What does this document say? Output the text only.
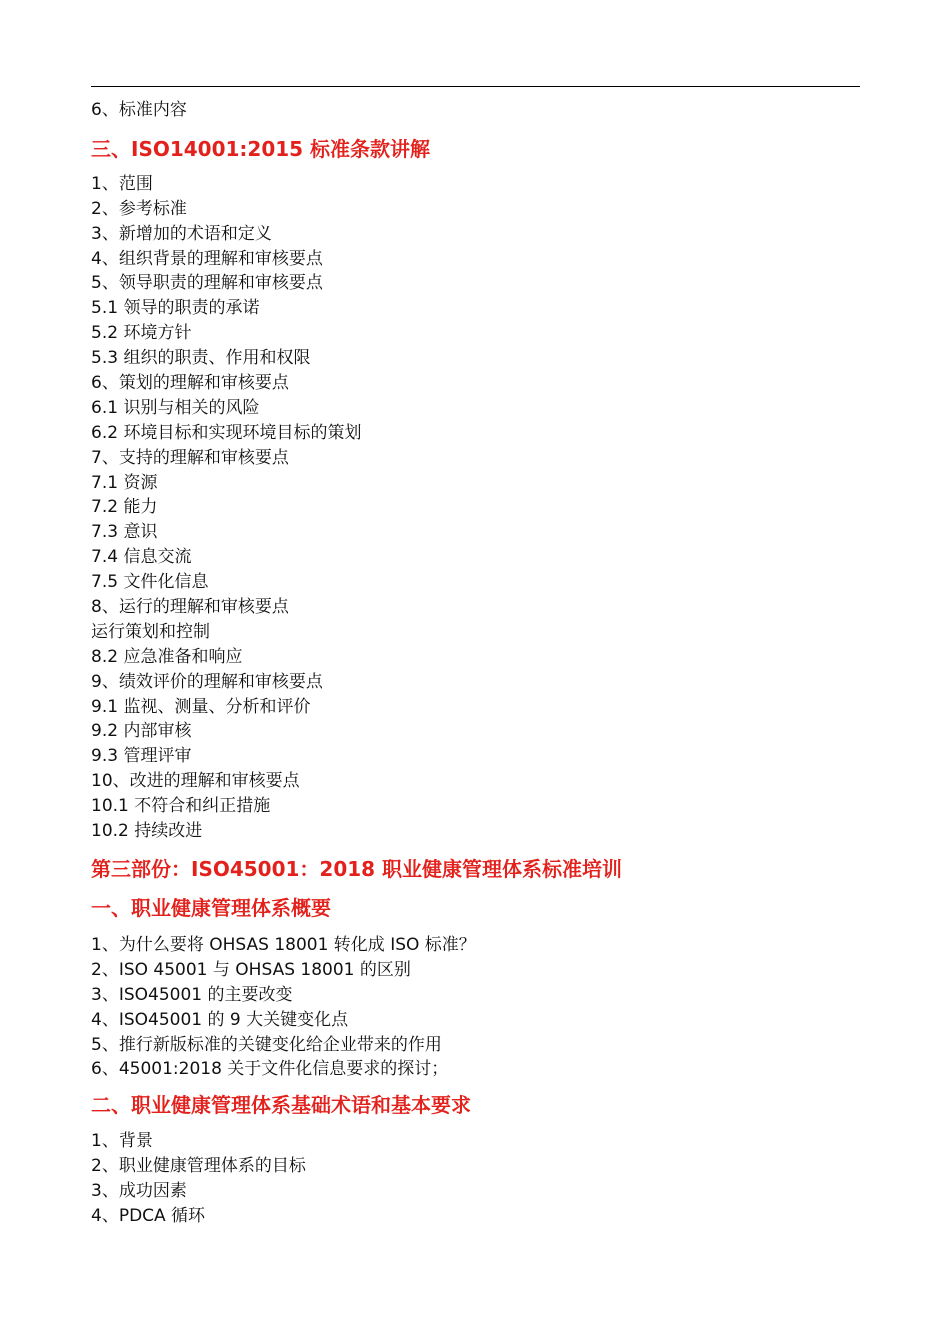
6、标准内容
三、ISO14001:2015 标准条款讲解
1、范围
2、参考标准
3、新增加的术语和定义
4、组织背景的理解和审核要点
5、领导职责的理解和审核要点
5.1 领导的职责的承诺
5.2 环境方针
5.3 组织的职责、作用和权限
6、策划的理解和审核要点
6.1 识别与相关的风险
6.2 环境目标和实现环境目标的策划
7、支持的理解和审核要点
7.1 资源
7.2 能力
7.3 意识
7.4 信息交流
7.5 文件化信息
8、运行的理解和审核要点
运行策划和控制
8.2 应急准备和响应
9、绩效评价的理解和审核要点
9.1 监视、测量、分析和评价
9.2 内部审核
9.3 管理评审
10、改进的理解和审核要点
10.1 不符合和纠正措施
10.2 持续改进
第三部份：ISO45001：2018 职业健康管理体系标准培训
一、职业健康管理体系概要
1、为什么要将 OHSAS 18001 转化成 ISO 标准？
2、ISO 45001 与 OHSAS 18001 的区别
3、ISO45001 的主要改变
4、ISO45001 的 9 大关键变化点
5、推行新版标准的关键变化给企业带来的作用
6、45001:2018 关于文件化信息要求的探讨；
二、职业健康管理体系基础术语和基本要求
1、背景
2、职业健康管理体系的目标
3、成功因素
4、PDCA 循环
